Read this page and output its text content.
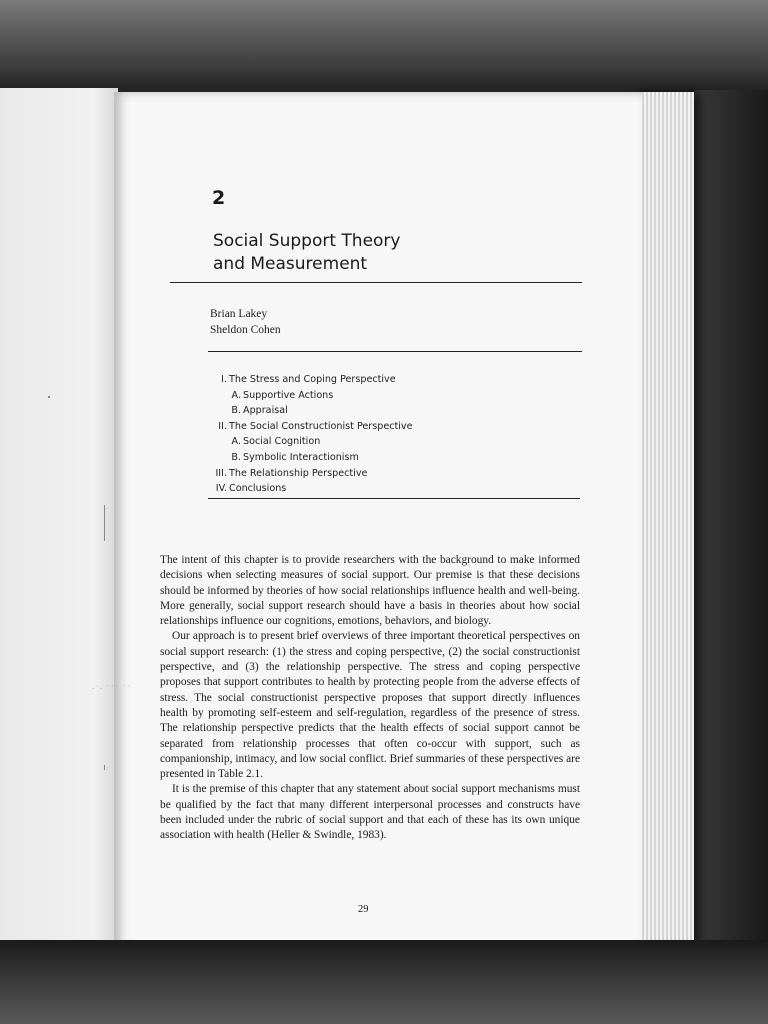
·˙· ˙˙˙ ˙˙
2
Social Support Theory
and Measurement
Brian Lakey
Sheldon Cohen
I. The Stress and Coping Perspective
A. Supportive Actions
B. Appraisal
II. The Social Constructionist Perspective
A. Social Cognition
B. Symbolic Interactionism
III. The Relationship Perspective
IV. Conclusions

The intent of this chapter is to provide researchers with the background to make informed decisions when selecting measures of social support. Our premise is that these decisions should be informed by theories of how social relationships influence health and well-being. More generally, social support research should have a basis in theories about how social relationships influence our cognitions, emotions, behaviors, and biology.

Our approach is to present brief overviews of three important theoretical perspectives on social support research: (1) the stress and coping perspective, (2) the social constructionist perspective, and (3) the relationship perspective. The stress and coping perspective proposes that support contributes to health by protecting people from the adverse effects of stress. The social constructionist perspective proposes that support directly influences health by promoting self-esteem and self-regulation, regardless of the presence of stress. The relationship perspective predicts that the health effects of social support cannot be separated from relationship processes that often co-occur with support, such as companionship, intimacy, and low social conflict. Brief summaries of these perspectives are presented in Table 2.1.

It is the premise of this chapter that any statement about social support mechanisms must be qualified by the fact that many different interpersonal processes and constructs have been included under the rubric of social support and that each of these has its own unique association with health (Heller & Swindle, 1983).

29
